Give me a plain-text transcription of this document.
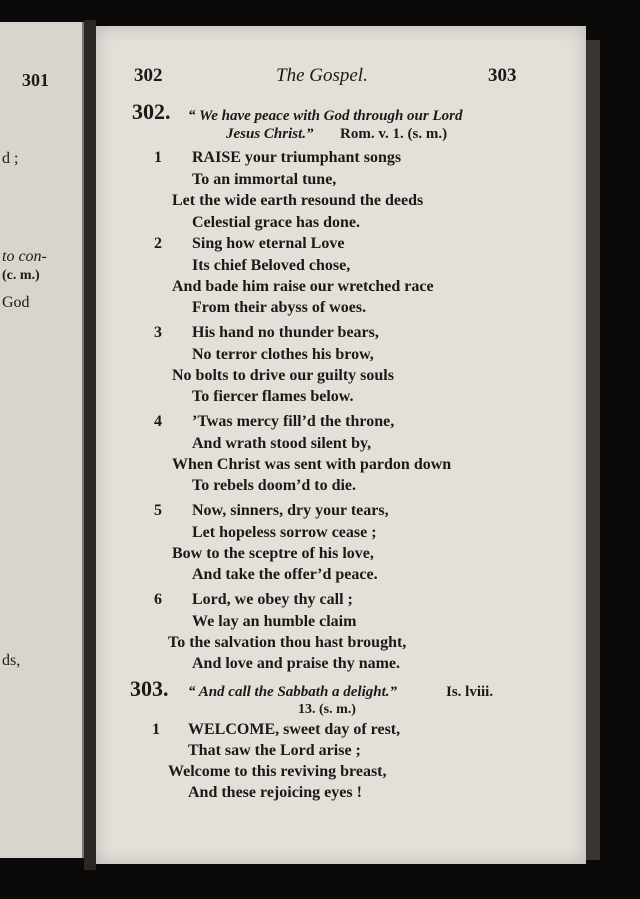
301
d ;
to con-
(c. m.)
God
ds,
302	The Gospel.	303
302. “ We have peace with God through our Lord
Jesus Christ.” Rom. v. 1. (s. m.)
1 RAISE your triumphant songs
To an immortal tune,
Let the wide earth resound the deeds
Celestial grace has done.
2 Sing how eternal Love
Its chief Beloved chose,
And bade him raise our wretched race
From their abyss of woes.
3 His hand no thunder bears,
No terror clothes his brow,
No bolts to drive our guilty souls
To fiercer flames below.
4 ’Twas mercy fill’d the throne,
And wrath stood silent by,
When Christ was sent with pardon down
To rebels doom’d to die.
5 Now, sinners, dry your tears,
Let hopeless sorrow cease ;
Bow to the sceptre of his love,
And take the offer’d peace.
6 Lord, we obey thy call ;
We lay an humble claim
To the salvation thou hast brought,
And love and praise thy name.
303. “ And call the Sabbath a delight.”	Is. lviii.
13. (s. m.)
1 WELCOME, sweet day of rest,
That saw the Lord arise ;
Welcome to this reviving breast,
And these rejoicing eyes !
